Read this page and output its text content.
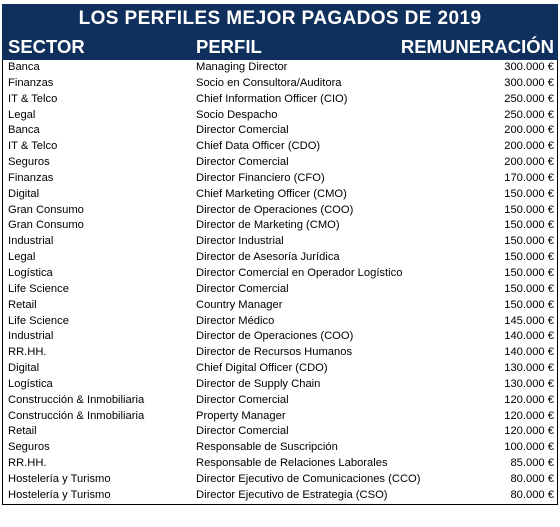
LOS PERFILES MEJOR PAGADOS DE 2019
SECTOR	PERFIL	REMUNERACIÓN
Banca	Managing Director	300.000 €
Finanzas	Socio en Consultora/Auditora	300.000 €
IT & Telco	Chief Information Officer (CIO)	250.000 €
Legal	Socio Despacho	250.000 €
Banca	Director Comercial	200.000 €
IT & Telco	Chief Data Officer (CDO)	200.000 €
Seguros	Director Comercial	200.000 €
Finanzas	Director Financiero (CFO)	170.000 €
Digital	Chief Marketing Officer (CMO)	150.000 €
Gran Consumo	Director de Operaciones (COO)	150.000 €
Gran Consumo	Director de Marketing (CMO)	150.000 €
Industrial	Director Industrial	150.000 €
Legal	Director de Asesoría Jurídica	150.000 €
Logística	Director Comercial en Operador Logístico	150.000 €
Life Science	Director Comercial	150.000 €
Retail	Country Manager	150.000 €
Life Science	Director Médico	145.000 €
Industrial	Director de Operaciones (COO)	140.000 €
RR.HH.	Director de Recursos Humanos	140.000 €
Digital	Chief Digital Officer (CDO)	130.000 €
Logística	Director de Supply Chain	130.000 €
Construcción & Inmobiliaria	Director Comercial	120.000 €
Construcción & Inmobiliaria	Property Manager	120.000 €
Retail	Director Comercial	120.000 €
Seguros	Responsable de Suscripción	100.000 €
RR.HH.	Responsable de Relaciones Laborales	85.000 €
Hostelería y Turismo	Director Ejecutivo de Comunicaciones (CCO)	80.000 €
Hostelería y Turismo	Director Ejecutivo de Estrategia (CSO)	80.000 €
